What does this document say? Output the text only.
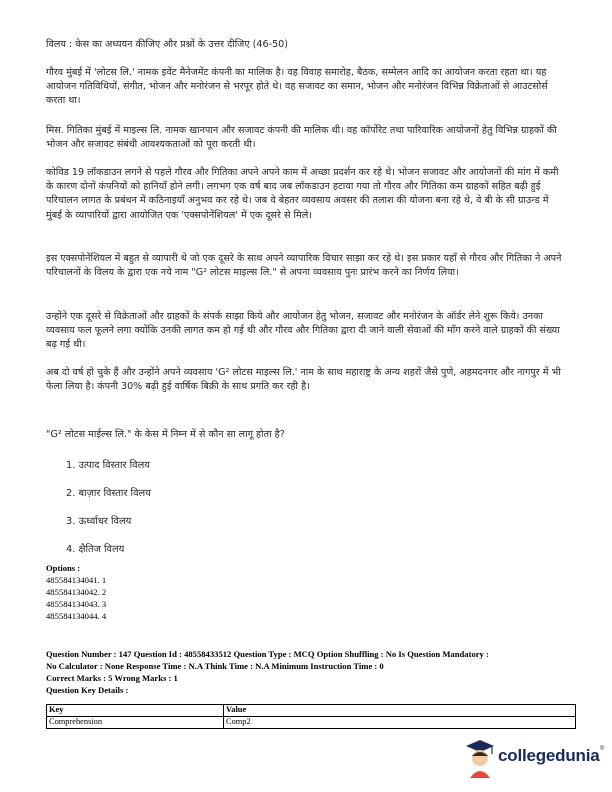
विलय : केस का अध्ययन कीजिए और प्रश्नों के उत्तर दीजिए (46-50)

गौरव मुंबई में 'लोटस लि.' नामक इवेंट मैनेजमेंट कंपनी का मालिक है। वह विवाह समारोह, बैठक, सम्मेलन आदि का आयोजन करता रहता था। यह आयोजन गतिविधियों, संगीत, भोजन और मनोरंजन से भरपूर होते थे। वह सजावट का समान, भोजन और मनोरंजन विभिन्न विक्रेताओं से आउटसोर्स करता था।

मिस. गितिका मुंबई में माइल्स लि. नामक खानपान और सजावट कंपनी की मालिक थी। वह कॉर्पोरेट तथा पारिवारिक आयोजनों हेतु विभिन्न ग्राहकों की भोजन और सजावट संबंधी आवश्यकताओं को पूरा करती थी।

कोविड 19 लॉकडाउन लगने से पहले गौरव और गितिका अपने अपने काम में अच्छा प्रदर्शन कर रहे थे। भोजन सजावट और आयोजनों की मांग में कमी के कारण दोनों कंपनियों को हानियाँ होने लगी। लगभग एक वर्ष बाद जब लॉकडाउन हटाया गया तो गौरव और गितिका कम ग्राहकों सहित बढ़ी हुई परिचालन लागत के प्रबंधन में कठिनाइयाँ अनुभव कर रहे थे। जब वे बेहतर व्यवसाय अवसर की तलाश की योजना बना रहे थे, वे बी के सी ग्राउन्ड में मुंबई के व्यापारियों द्वारा आयोजित एक 'एक्सपोनेंशियल' में एक दूसरे से मिले।

इस एक्सपोनेंशियल में बहुत से व्यापारी थे जो एक दूसरे के साथ अपने व्यापारिक विचार साझा कर रहे थे। इस प्रकार यहाँ से गौरव और गितिका ने अपने परिचालनों के विलय के द्वारा एक नये नाम "G² लोटस माइल्स लि." से अपना व्यवसाय पुनः प्रारंभ करने का निर्णय लिया।

उन्होंने एक दूसरे से विक्रेताओं और ग्राहकों के संपर्क साझा किये और आयोजन हेतु भोजन, सजावट और मनोरंजन के ऑर्डर लेने शुरू किये। उनका व्यवसाय फल फूलने लगा क्योंकि उनकी लागत कम हो गई थी और गौरव और गितिका द्वारा दी जाने वाली सेवाओं की माँग करने वाले ग्राहकों की संख्या बढ़ गई थी।

अब दो वर्ष हो चुके हैं और उन्होंने अपने व्यवसाय 'G² लोटस माइल्स लि.' नाम के साथ महाराष्ट्र के अन्य शहरों जैसे पुणे, अहमदनगर और नागपुर में भी फेला लिया है। कंपनी 30% बढ़ी हुई वार्षिक बिक्री के साथ प्रगति कर रही है।

"G² लोटस माईल्स लि." के केस में निम्न में से कौन सा लागू होता है?

1. उत्पाद विस्तार विलय
2. बाज़ार विस्तार विलय
3. ऊर्ध्वाधर विलय
4. क्षैतिज विलय
Options :
485584134041. 1
485584134042. 2
485584134043. 3
485584134044. 4
Question Number : 147 Question Id : 48558433512 Question Type : MCQ Option Shuffling : No Is Question Mandatory :
No Calculator : None Response Time : N.A Think Time : N.A Minimum Instruction Time : 0
Correct Marks : 5 Wrong Marks : 1
Question Key Details :
Key	Value
Comprehension	Comp2
collegedunia ®
